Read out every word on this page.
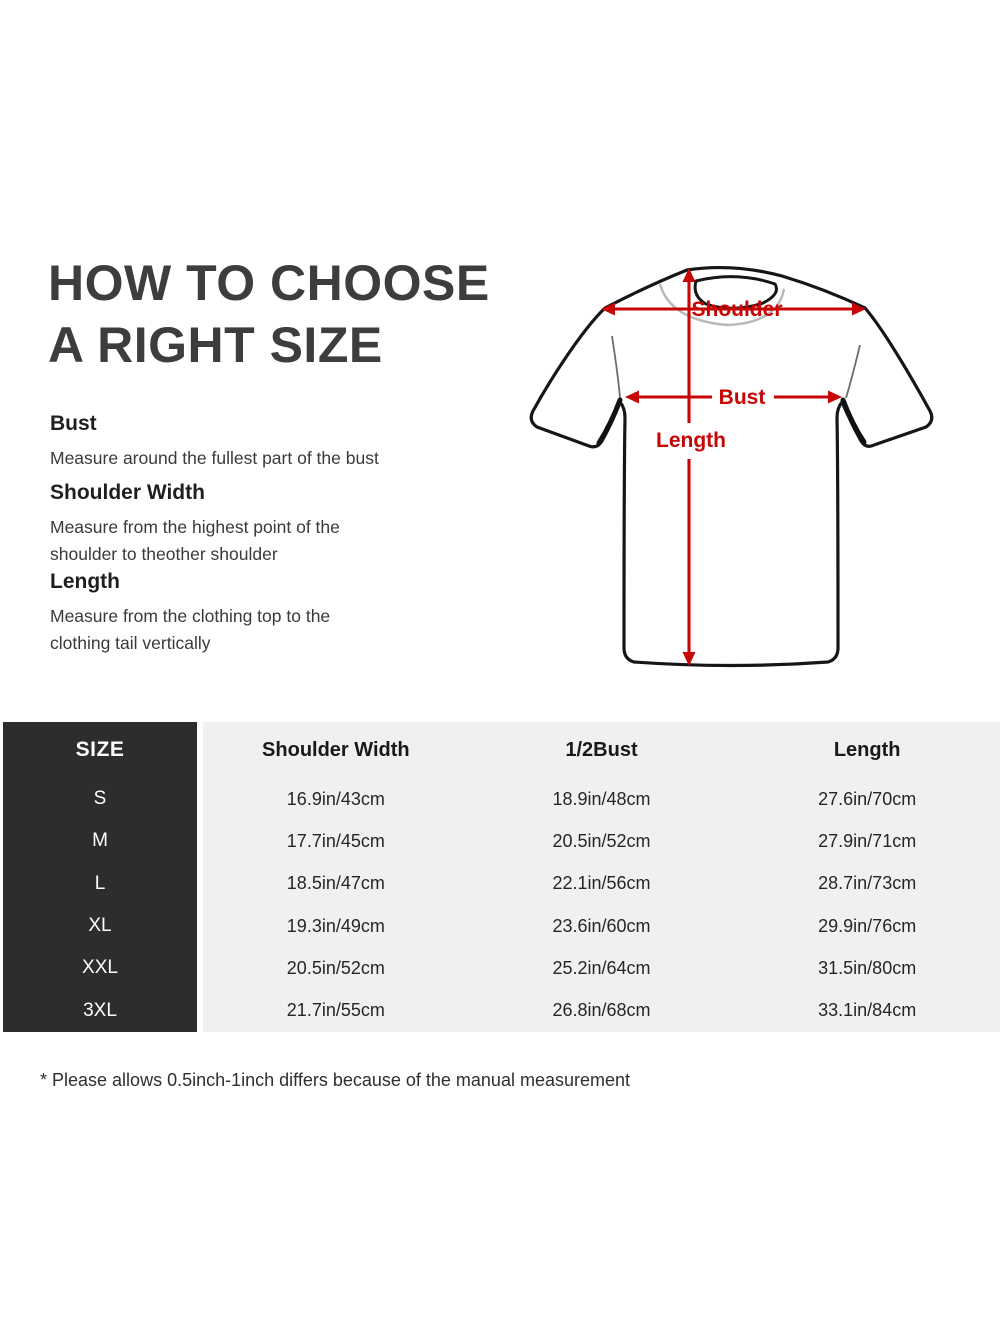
HOW TO CHOOSE
A RIGHT SIZE
Bust
Measure around the fullest part of the bust
Shoulder Width
Measure from the highest point of the
shoulder to theother shoulder
Length
Measure from the clothing top to the
clothing tail vertically
Shoulder
Bust
Length
SIZE	Shoulder Width	1/2Bust	Length
S	16.9in/43cm	18.9in/48cm	27.6in/70cm
M	17.7in/45cm	20.5in/52cm	27.9in/71cm
L	18.5in/47cm	22.1in/56cm	28.7in/73cm
XL	19.3in/49cm	23.6in/60cm	29.9in/76cm
XXL	20.5in/52cm	25.2in/64cm	31.5in/80cm
3XL	21.7in/55cm	26.8in/68cm	33.1in/84cm
* Please allows 0.5inch-1inch differs because of the manual measurement
